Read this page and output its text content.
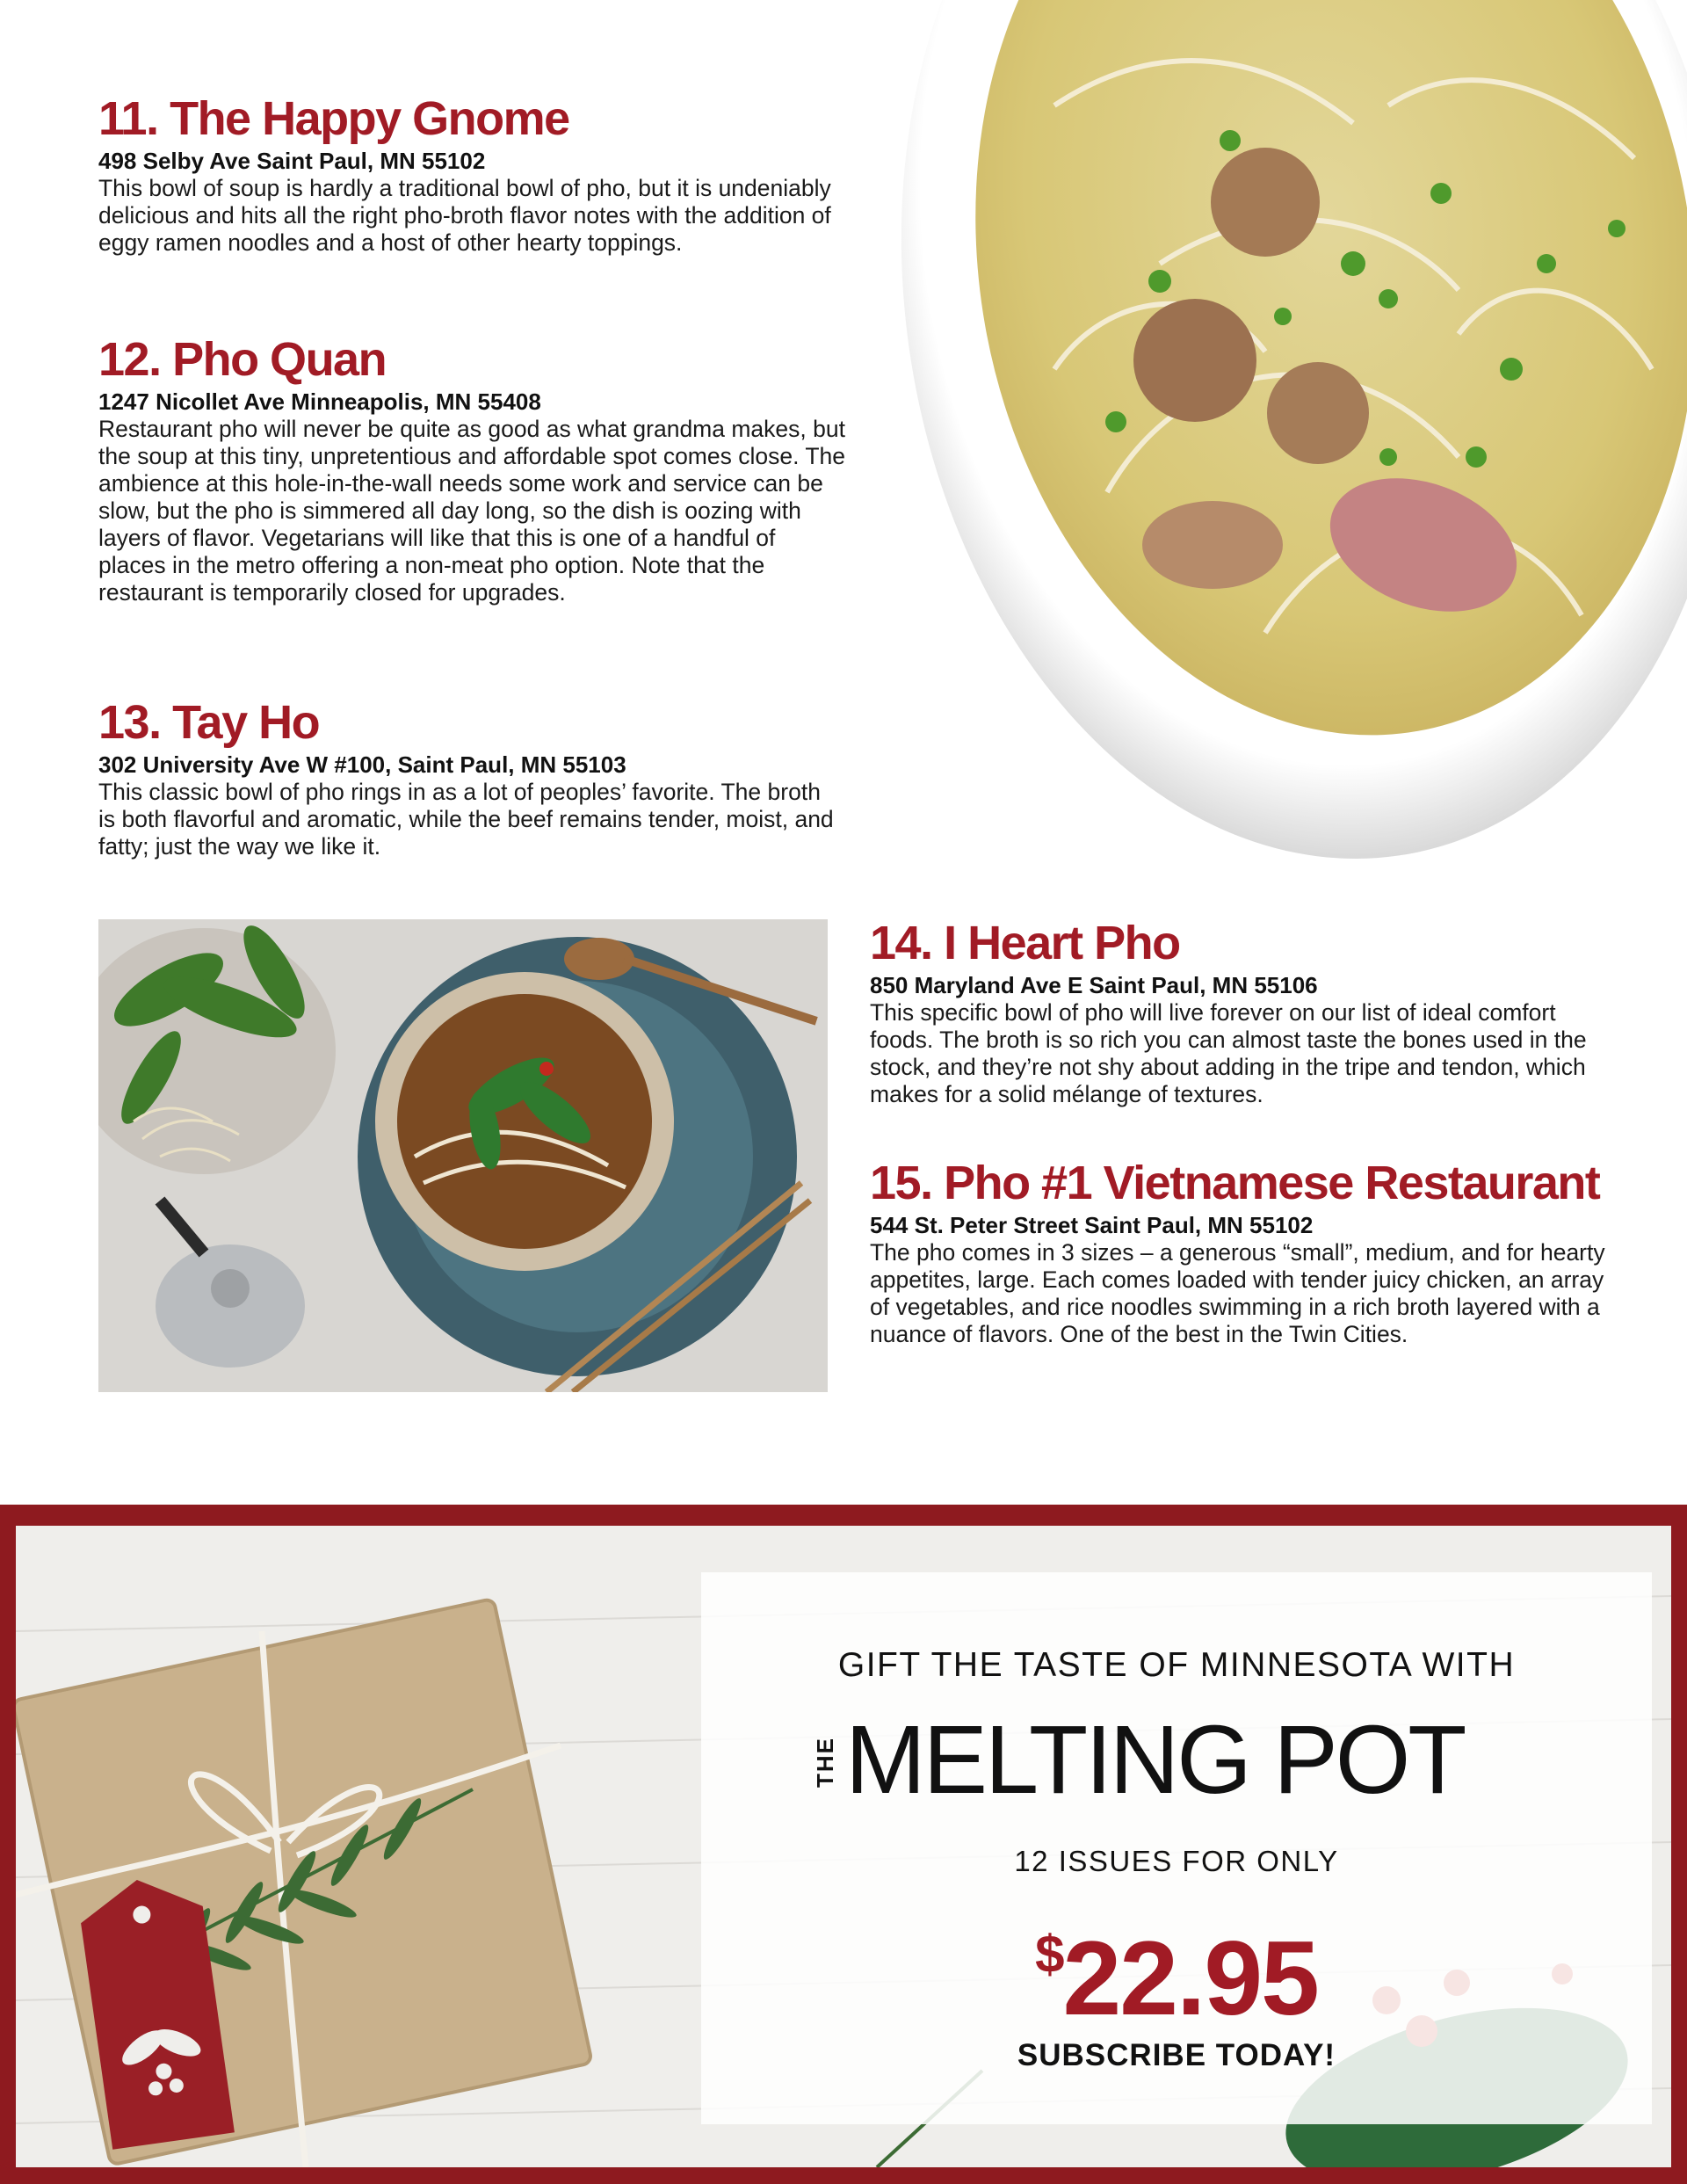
11. The Happy Gnome
498 Selby Ave Saint Paul, MN 55102

This bowl of soup is hardly a traditional bowl of pho, but it is undeniably delicious and hits all the right pho-broth flavor notes with the addition of eggy ramen noodles and a host of other hearty toppings.

12. Pho Quan
1247 Nicollet Ave Minneapolis, MN 55408

Restaurant pho will never be quite as good as what grandma makes, but the soup at this tiny, unpretentious and affordable spot comes close. The ambience at this hole-in-the-wall needs some work and service can be slow, but the pho is simmered all day long, so the dish is oozing with layers of flavor. Vegetarians will like that this is one of a handful of places in the metro offering a non-meat pho option. Note that the restaurant is temporarily closed for upgrades.

13. Tay Ho
302 University Ave W #100, Saint Paul, MN 55103

This classic bowl of pho rings in as a lot of peoples’ favorite. The broth is both flavorful and aromatic, while the beef remains tender, moist, and fatty; just the way we like it.

14. I Heart Pho
850 Maryland Ave E Saint Paul, MN 55106

This specific bowl of pho will live forever on our list of ideal comfort foods. The broth is so rich you can almost taste the bones used in the stock, and they’re not shy about adding in the tripe and tendon, which makes for a solid mélange of textures.

15. Pho #1 Vietnamese Restaurant
544 St. Peter Street Saint Paul, MN 55102

The pho comes in 3 sizes – a generous “small”, medium, and for hearty appetites, large. Each comes loaded with tender juicy chicken, an array of vegetables, and rice noodles swimming in a rich broth layered with a nuance of flavors. One of the best in the Twin Cities.

GIFT THE TASTE OF MINNESOTA WITH
THE MELTING POT
12 ISSUES FOR ONLY
$22.95
SUBSCRIBE TODAY!
